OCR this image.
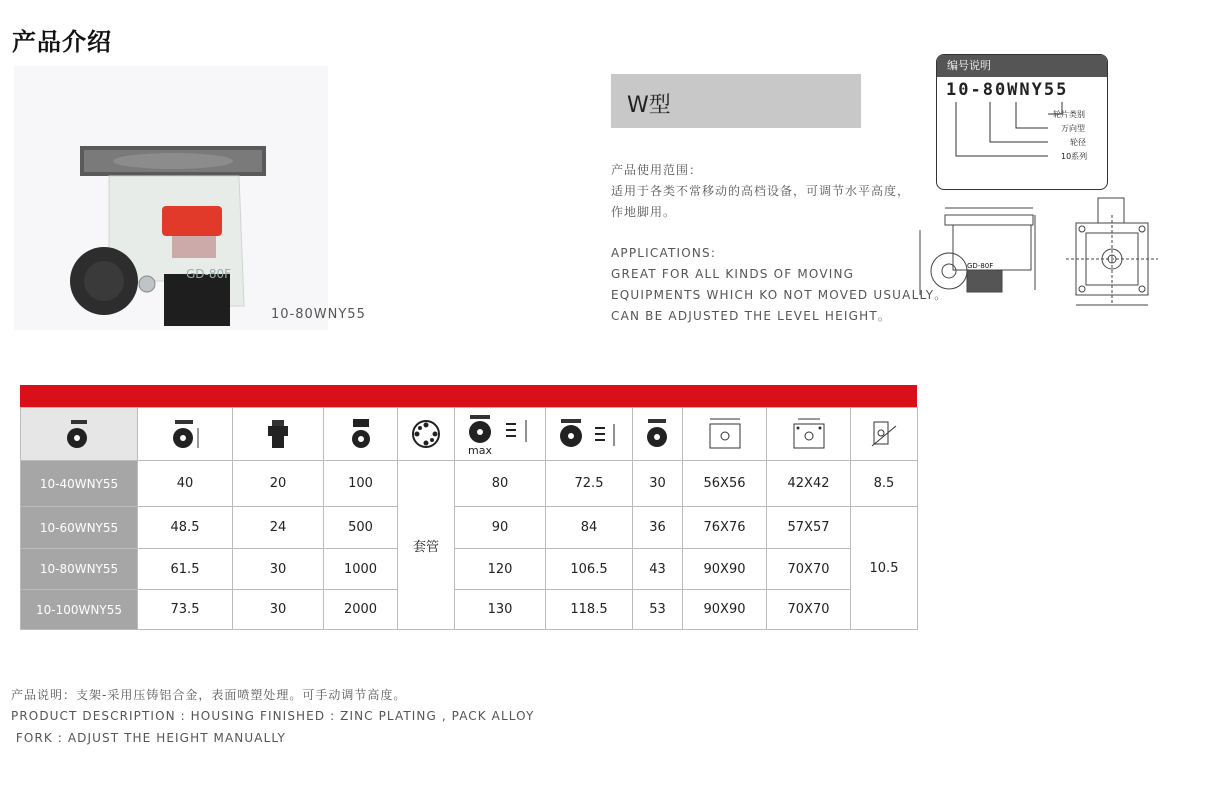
产品介绍
GD-80F
10-80WNY55
W型
产品使用范围：
适用于各类不常移动的高档设备，可调节水平高度，
作地脚用。
APPLICATIONS:
GREAT FOR ALL KINDS OF MOVING
EQUIPMENTS WHICH KO NOT MOVED USUALLY。
CAN BE ADJUSTED THE LEVEL HEIGHT。
编号说明
10-80WNY55
轮片类别
万向型
轮径
10系列
GD-80F

max

10-40WNY55	40	20	100	套管	80	72.5	30	56X56	42X42	8.5
10-60WNY55	48.5	24	500		90	84	36	76X76	57X57	10.5
10-80WNY55	61.5	30	1000		120	106.5	43	90X90	70X70	
10-100WNY55	73.5	30	2000		130	118.5	53	90X90	70X70	
产品说明：支架-采用压铸铝合金，表面喷塑处理。可手动调节高度。
PRODUCT DESCRIPTION : HOUSING FINISHED : ZINC PLATING , PACK ALLOY
FORK : ADJUST THE HEIGHT MANUALLY
